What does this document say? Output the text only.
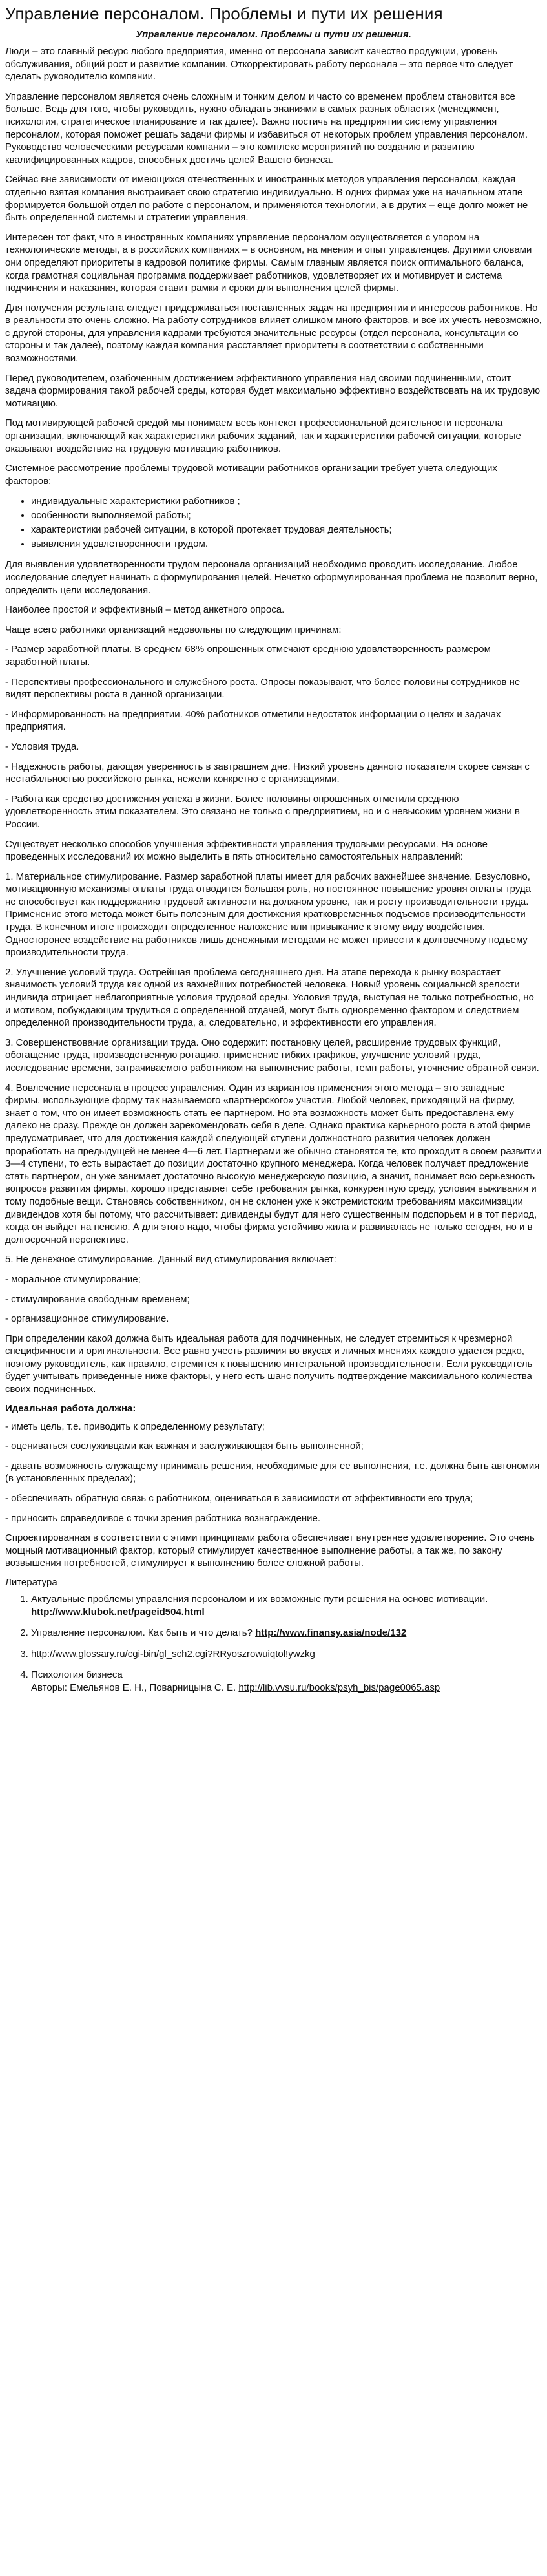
Управление персоналом. Проблемы и пути их решения
Управление персоналом. Проблемы и пути их решения.

Люди – это главный ресурс любого предприятия, именно от персонала зависит качество продукции, уровень обслуживания, общий рост и развитие компании. Откорректировать работу персонала – это первое что следует сделать руководителю компании.

Управление персоналом является очень сложным и тонким делом и часто со временем проблем становится все больше. Ведь для того, чтобы руководить, нужно обладать знаниями в самых разных областях (менеджмент, психология, стратегическое планирование и так далее). Важно постичь на предприятии систему управления персоналом, которая поможет решать задачи фирмы и избавиться от некоторых проблем управления персоналом. Руководство человеческими ресурсами компании – это комплекс мероприятий по созданию и развитию квалифицированных кадров, способных достичь целей Вашего бизнеса.

Сейчас вне зависимости от имеющихся отечественных и иностранных методов управления персоналом, каждая отдельно взятая компания выстраивает свою стратегию индивидуально. В одних фирмах уже на начальном этапе формируется большой отдел по работе с персоналом, и применяются технологии, а в других – еще долго может не быть определенной системы и стратегии управления.

Интересен тот факт, что в иностранных компаниях управление персоналом осуществляется с упором на технологические методы, а в российских компаниях – в основном, на мнения и опыт управленцев. Другими словами они определяют приоритеты в кадровой политике фирмы. Самым главным является поиск оптимального баланса, когда грамотная социальная программа поддерживает работников, удовлетворяет их и мотивирует и система подчинения и наказания, которая ставит рамки и сроки для выполнения целей фирмы.

Для получения результата следует придерживаться поставленных задач на предприятии и интересов работников. Но в реальности это очень сложно. На работу сотрудников влияет слишком много факторов, и все их учесть невозможно, с другой стороны, для управления кадрами требуются значительные ресурсы (отдел персонала, консультации со стороны и так далее), поэтому каждая компания расставляет приоритеты в соответствии с собственными возможностями.

Перед руководителем, озабоченным достижением эффективного управления над своими подчиненными, стоит задача формирования такой рабочей среды, которая будет максимально эффективно воздействовать на их трудовую мотивацию.

Под мотивирующей рабочей средой мы понимаем весь контекст профессиональной деятельности персонала организации, включающий как характеристики рабочих заданий, так и характеристики рабочей ситуации, которые оказывают воздействие на трудовую мотивацию работников.

Системное рассмотрение проблемы трудовой мотивации работников организации требует учета следующих факторов:

• индивидуальные характеристики работников ;
• особенности выполняемой работы;
• характеристики рабочей ситуации, в которой протекает трудовая деятельность;
• выявления удовлетворенности трудом.

Для выявления удовлетворенности трудом персонала организаций необходимо проводить исследование. Любое исследование следует начинать с формулирования целей. Нечетко сформулированная проблема не позволит верно, определить цели исследования.

Наиболее простой и эффективный – метод анкетного опроса.

Чаще всего работники организаций недовольны по следующим причинам:

- Размер заработной платы. В среднем 68% опрошенных отмечают среднюю удовлетворенность размером заработной платы.

- Перспективы профессионального и служебного роста. Опросы показывают, что более половины сотрудников не видят перспективы роста в данной организации.

- Информированность на предприятии. 40% работников отметили недостаток информации о целях и задачах предприятия.

- Условия труда.

- Надежность работы, дающая уверенность в завтрашнем дне. Низкий уровень данного показателя скорее связан с нестабильностью российского рынка, нежели конкретно с организациями.

- Работа как средство достижения успеха в жизни. Более половины опрошенных отметили среднюю удовлетворенность этим показателем. Это связано не только с предприятием, но и с невысоким уровнем жизни в России.

Существует несколько способов улучшения эффективности управления трудовыми ресурсами. На основе проведенных исследований их можно выделить в пять относительно самостоятельных направлений:

1. Материальное стимулирование. Размер заработной платы имеет для рабочих важнейшее значение. Безусловно, мотивационную механизмы оплаты труда отводится большая роль, но постоянное повышение уровня оплаты труда не способствует как поддержанию трудовой активности на должном уровне, так и росту производительности труда. Применение этого метода может быть полезным для достижения кратковременных подъемов производительности труда. В конечном итоге происходит определенное наложение или привыкание к этому виду воздействия. Односторонее воздействие на работников лишь денежными методами не может привести к долговечному подъему производительности труда.

2. Улучшение условий труда. Острейшая проблема сегодняшнего дня. На этапе перехода к рынку возрастает значимость условий труда как одной из важнейших потребностей человека. Новый уровень социальной зрелости индивида отрицает неблагоприятные условия трудовой среды. Условия труда, выступая не только потребностью, но и мотивом, побуждающим трудиться с определенной отдачей, могут быть одновременно фактором и следствием определенной производительности труда, а, следовательно, и эффективности его управления.

3. Совершенствование организации труда. Оно содержит: постановку целей, расширение трудовых функций, обогащение труда, производственную ротацию, применение гибких графиков, улучшение условий труда, исследование времени, затрачиваемого работником на выполнение работы, темп работы, уточнение обратной связи.

4. Вовлечение персонала в процесс управления. Один из вариантов применения этого метода – это западные фирмы, использующие форму так называемого «партнерского» участия. Любой человек, приходящий на фирму, знает о том, что он имеет возможность стать ее партнером. Но эта возможность может быть предоставлена ему далеко не сразу. Прежде он должен зарекомендовать себя в деле. Однако практика карьерного роста в этой фирме предусматривает, что для достижения каждой следующей ступени должностного развития человек должен проработать на предыдущей не менее 4—6 лет. Партнерами же обычно становятся те, кто проходит в своем развитии 3—4 ступени, то есть вырастает до позиции достаточно крупного менеджера. Когда человек получает предложение стать партнером, он уже занимает достаточно высокую менеджерскую позицию, а значит, понимает всю серьезность вопросов развития фирмы, хорошо представляет себе требования рынка, конкурентную среду, условия выживания и тому подобные вещи. Становясь собственником, он не склонен уже к экстремистским требованиям максимизации дивидендов хотя бы потому, что рассчитывает: дивиденды будут для него существенным подспорьем и в тот период, когда он выйдет на пенсию. А для этого надо, чтобы фирма устойчиво жила и развивалась не только сегодня, но и в долгосрочной перспективе.

5. Не денежное стимулирование. Данный вид стимулирования включает:

- моральное стимулирование;

- стимулирование свободным временем;

- организационное стимулирование.

При определении какой должна быть идеальная работа для подчиненных, не следует стремиться к чрезмерной специфичности и оригинальности. Все равно учесть различия во вкусах и личных мнениях каждого удается редко, поэтому руководитель, как правило, стремится к повышению интегральной производительности. Если руководитель будет учитывать приведенные ниже факторы, у него есть шанс получить подтверждение максимального количества своих подчиненных.

Идеальная работа должна:

- иметь цель, т.е. приводить к определенному результату;

- оцениваться сослуживцами как важная и заслуживающая быть выполненной;

- давать возможность служащему принимать решения, необходимые для ее выполнения, т.е. должна быть автономия (в установленных пределах);

- обеспечивать обратную связь с работником, оцениваться в зависимости от эффективности его труда;

- приносить справедливое с точки зрения работника вознаграждение.

Спроектированная в соответствии с этими принципами работа обеспечивает внутреннее удовлетворение. Это очень мощный мотивационный фактор, который стимулирует качественное выполнение работы, а так же, по закону возвышения потребностей, стимулирует к выполнению более сложной работы.

Литература
1. Актуальные проблемы управления персоналом и их возможные пути решения на основе мотивации. http://www.klubok.net/pageid504.html
2. Управление персоналом. Как быть и что делать? http://www.finansy.asia/node/132
3. http://www.glossary.ru/cgi-bin/gl_sch2.cgi?RRyoszrowuiqtol!ywzkg
4. Психология бизнеса
Авторы: Емельянов Е. Н., Поварницына С. Е. http://lib.vvsu.ru/books/psyh_bis/page0065.asp
